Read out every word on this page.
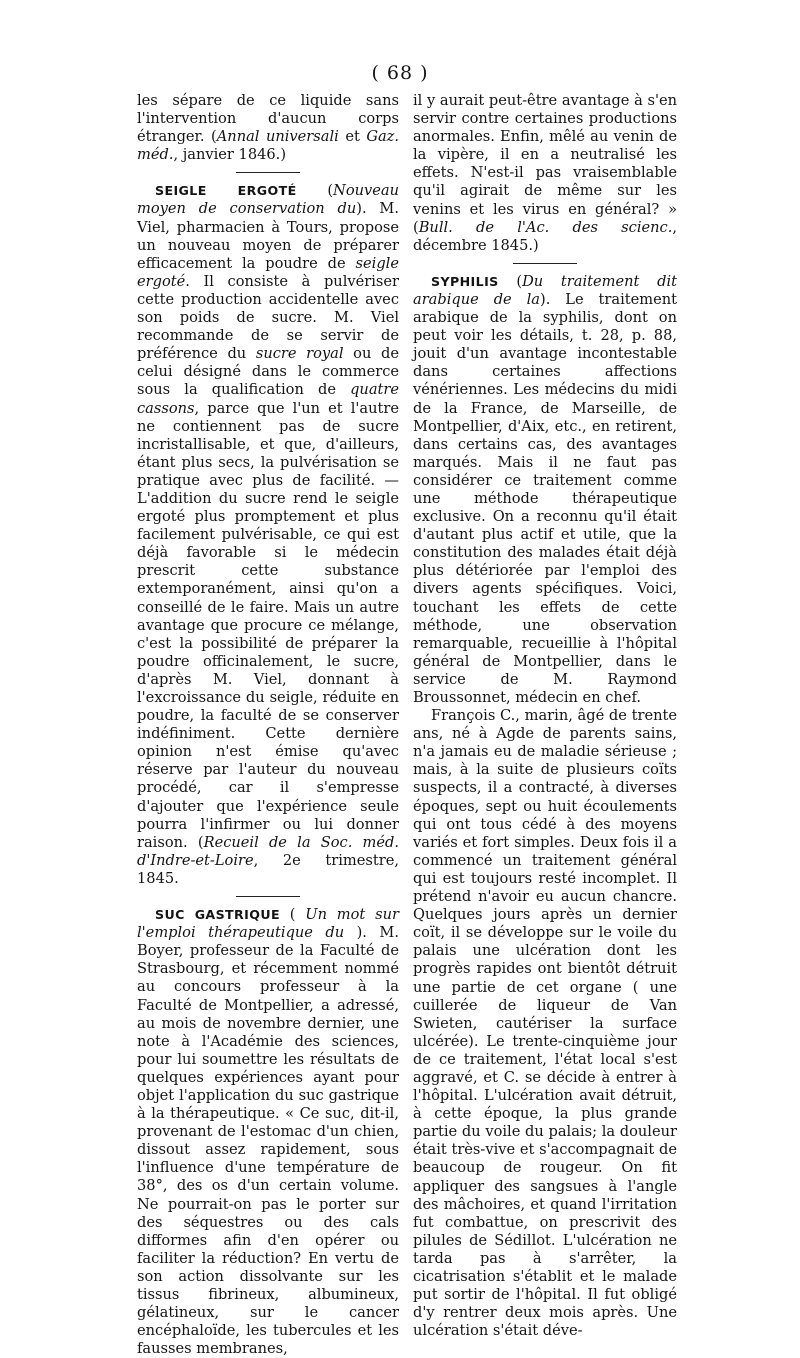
( 68 )

les sépare de ce liquide sans l'intervention d'aucun corps étranger. (Annal universali et Gaz. méd., janvier 1846.)

SEIGLE ERGOTÉ (Nouveau moyen de conservation du). M. Viel, pharmacien à Tours, propose un nouveau moyen de préparer efficacement la poudre de seigle ergoté. Il consiste à pulvériser cette production accidentelle avec son poids de sucre. M. Viel recommande de se servir de préférence du sucre royal ou de celui désigné dans le commerce sous la qualification de quatre cassons, parce que l'un et l'autre ne contiennent pas de sucre incristallisable, et que, d'ailleurs, étant plus secs, la pulvérisation se pratique avec plus de facilité. — L'addition du sucre rend le seigle ergoté plus promptement et plus facilement pulvérisable, ce qui est déjà favorable si le médecin prescrit cette substance extemporanément, ainsi qu'on a conseillé de le faire. Mais un autre avantage que procure ce mélange, c'est la possibilité de préparer la poudre officinalement, le sucre, d'après M. Viel, donnant à l'excroissance du seigle, réduite en poudre, la faculté de se conserver indéfiniment. Cette dernière opinion n'est émise qu'avec réserve par l'auteur du nouveau procédé, car il s'empresse d'ajouter que l'expérience seule pourra l'infirmer ou lui donner raison. (Recueil de la Soc. méd. d'Indre-et-Loire, 2e trimestre, 1845.

SUC GASTRIQUE ( Un mot sur l'emploi thérapeutique du ). M. Boyer, professeur de la Faculté de Strasbourg, et récemment nommé au concours professeur à la Faculté de Montpellier, a adressé, au mois de novembre dernier, une note à l'Académie des sciences, pour lui soumettre les résultats de quelques expériences ayant pour objet l'application du suc gastrique à la thérapeutique. « Ce suc, dit-il, provenant de l'estomac d'un chien, dissout assez rapidement, sous l'influence d'une température de 38°, des os d'un certain volume. Ne pourrait-on pas le porter sur des séquestres ou des cals difformes afin d'en opérer ou faciliter la réduction? En vertu de son action dissolvante sur les tissus fibrineux, albumineux, gélatineux, sur le cancer encéphaloïde, les tubercules et les fausses membranes,

il y aurait peut-être avantage à s'en servir contre certaines productions anormales. Enfin, mêlé au venin de la vipère, il en a neutralisé les effets. N'est-il pas vraisemblable qu'il agirait de même sur les venins et les virus en général? » (Bull. de l'Ac. des scienc., décembre 1845.)

SYPHILIS (Du traitement dit arabique de la). Le traitement arabique de la syphilis, dont on peut voir les détails, t. 28, p. 88, jouit d'un avantage incontestable dans certaines affections vénériennes. Les médecins du midi de la France, de Marseille, de Montpellier, d'Aix, etc., en retirent, dans certains cas, des avantages marqués. Mais il ne faut pas considérer ce traitement comme une méthode thérapeutique exclusive. On a reconnu qu'il était d'autant plus actif et utile, que la constitution des malades était déjà plus détériorée par l'emploi des divers agents spécifiques. Voici, touchant les effets de cette méthode, une observation remarquable, recueillie à l'hôpital général de Montpellier, dans le service de M. Raymond Broussonnet, médecin en chef.

François C., marin, âgé de trente ans, né à Agde de parents sains, n'a jamais eu de maladie sérieuse ; mais, à la suite de plusieurs coïts suspects, il a contracté, à diverses époques, sept ou huit écoulements qui ont tous cédé à des moyens variés et fort simples. Deux fois il a commencé un traitement général qui est toujours resté incomplet. Il prétend n'avoir eu aucun chancre. Quelques jours après un dernier coït, il se développe sur le voile du palais une ulcération dont les progrès rapides ont bientôt détruit une partie de cet organe ( une cuillerée de liqueur de Van Swieten, cautériser la surface ulcérée). Le trente-cinquième jour de ce traitement, l'état local s'est aggravé, et C. se décide à entrer à l'hôpital. L'ulcération avait détruit, à cette époque, la plus grande partie du voile du palais; la douleur était très-vive et s'accompagnait de beaucoup de rougeur. On fit appliquer des sangsues à l'angle des mâchoires, et quand l'irritation fut combattue, on prescrivit des pilules de Sédillot. L'ulcération ne tarda pas à s'arrêter, la cicatrisation s'établit et le malade put sortir de l'hôpital. Il fut obligé d'y rentrer deux mois après. Une ulcération s'était déve-
